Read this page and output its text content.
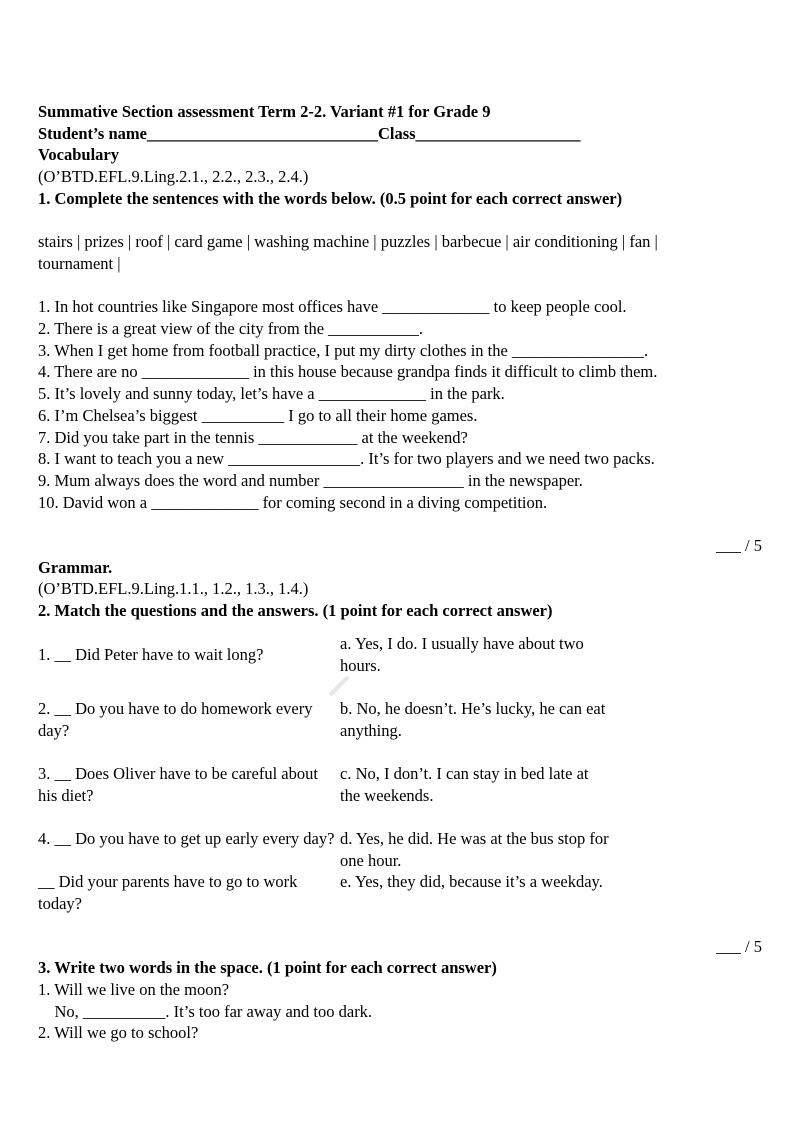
Summative Section assessment Term 2-2. Variant #1 for Grade 9
Student’s name____________________________Class____________________
Vocabulary
(O’BTD.EFL.9.Ling.2.1., 2.2., 2.3., 2.4.)
1. Complete the sentences with the words below. (0.5 point for each correct answer)
stairs | prizes | roof | card game | washing machine | puzzles | barbecue | air conditioning | fan |
tournament |
1. In hot countries like Singapore most offices have _____________ to keep people cool.
2. There is a great view of the city from the ___________.
3. When I get home from football practice, I put my dirty clothes in the ________________.
4. There are no _____________ in this house because grandpa finds it difficult to climb them.
5. It’s lovely and sunny today, let’s have a _____________ in the park.
6. I’m Chelsea’s biggest __________ I go to all their home games.
7. Did you take part in the tennis ____________ at the weekend?
8. I want to teach you a new ________________. It’s for two players and we need two packs.
9. Mum always does the word and number _________________ in the newspaper.
10. David won a _____________ for coming second in a diving competition.
___ / 5
Grammar.
(O’BTD.EFL.9.Ling.1.1., 1.2., 1.3., 1.4.)
2. Match the questions and the answers. (1 point for each correct answer)
1. __ Did Peter have to wait long?
a. Yes, I do. I usually have about two hours.
2. __ Do you have to do homework every day?
b. No, he doesn’t. He’s lucky, he can eat anything.
3. __ Does Oliver have to be careful about his diet?
c. No, I don’t. I can stay in bed late at the weekends.
4. __ Do you have to get up early every day? d. Yes, he did. He was at the bus stop for one hour.
__ Did your parents have to go to work today?
e. Yes, they did, because it’s a weekday.
___ / 5
3. Write two words in the space. (1 point for each correct answer)
1. Will we live on the moon?
No, __________. It’s too far away and too dark.
2. Will we go to school?
